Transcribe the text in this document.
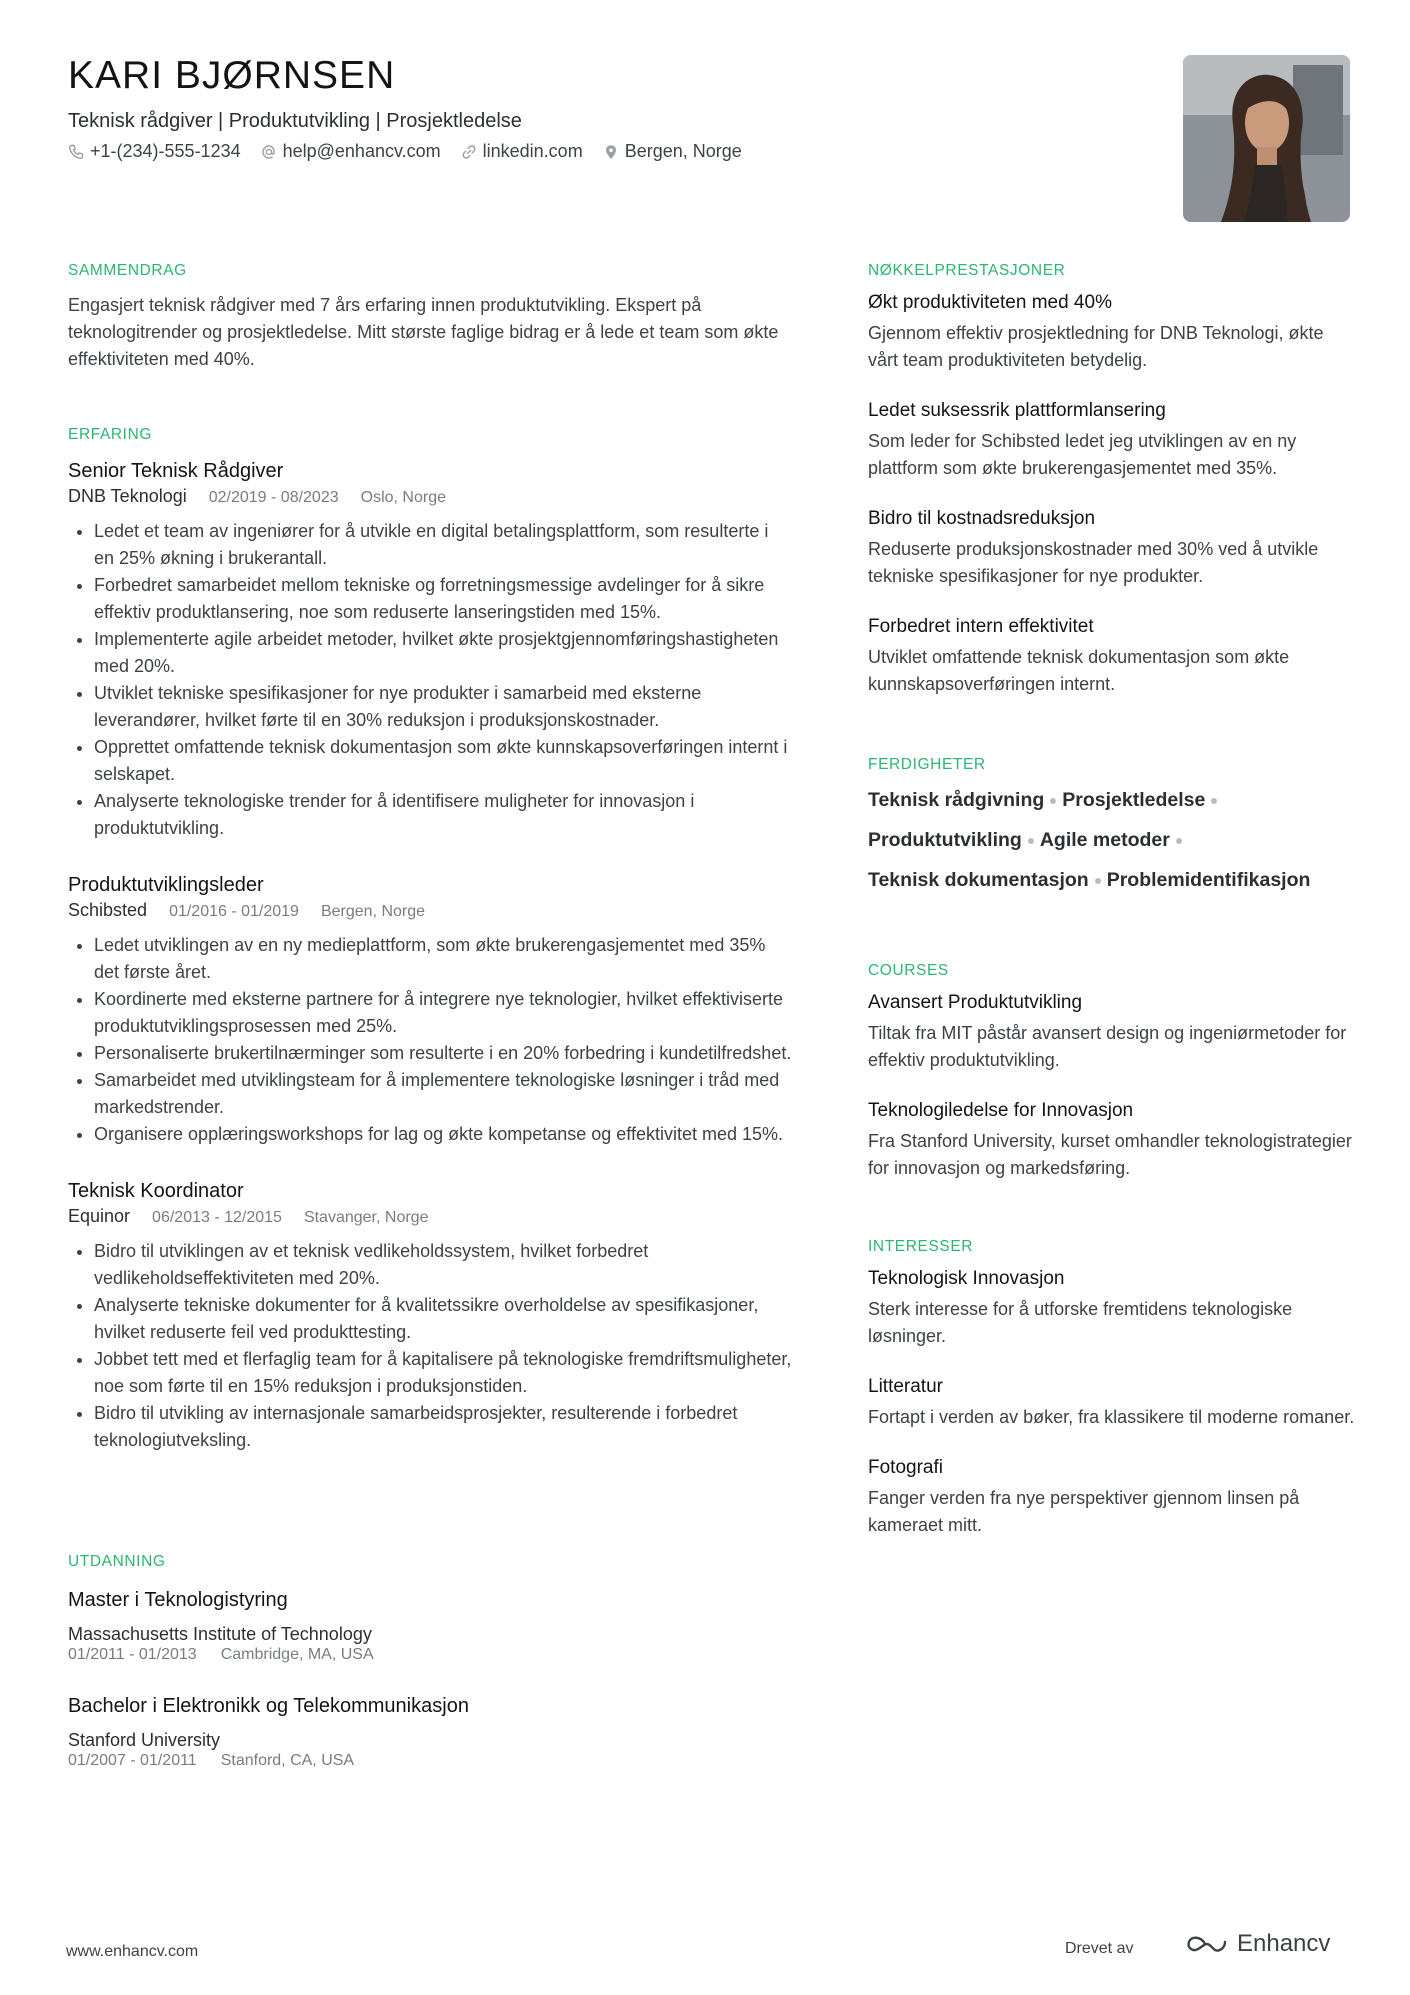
KARI BJØRNSEN
Teknisk rådgiver | Produktutvikling | Prosjektledelse
+1-(234)-555-1234 help@enhancv.com linkedin.com Bergen, Norge
SAMMENDRAG
Engasjert teknisk rådgiver med 7 års erfaring innen produktutvikling. Ekspert på teknologitrender og prosjektledelse. Mitt største faglige bidrag er å lede et team som økte effektiviteten med 40%.
ERFARING
Senior Teknisk Rådgiver
DNB Teknologi 02/2019 - 08/2023 Oslo, Norge
• Ledet et team av ingeniører for å utvikle en digital betalingsplattform, som resulterte i en 25% økning i brukerantall.
• Forbedret samarbeidet mellom tekniske og forretningsmessige avdelinger for å sikre effektiv produktlansering, noe som reduserte lanseringstiden med 15%.
• Implementerte agile arbeidet metoder, hvilket økte prosjektgjennomføringshastigheten med 20%.
• Utviklet tekniske spesifikasjoner for nye produkter i samarbeid med eksterne leverandører, hvilket førte til en 30% reduksjon i produksjonskostnader.
• Opprettet omfattende teknisk dokumentasjon som økte kunnskapsoverføringen internt i selskapet.
• Analyserte teknologiske trender for å identifisere muligheter for innovasjon i produktutvikling.
Produktutviklingsleder
Schibsted 01/2016 - 01/2019 Bergen, Norge
• Ledet utviklingen av en ny medieplattform, som økte brukerengasjementet med 35% det første året.
• Koordinerte med eksterne partnere for å integrere nye teknologier, hvilket effektiviserte produktutviklingsprosessen med 25%.
• Personaliserte brukertilnærminger som resulterte i en 20% forbedring i kundetilfredshet.
• Samarbeidet med utviklingsteam for å implementere teknologiske løsninger i tråd med markedstrender.
• Organisere opplæringsworkshops for lag og økte kompetanse og effektivitet med 15%.
Teknisk Koordinator
Equinor 06/2013 - 12/2015 Stavanger, Norge
• Bidro til utviklingen av et teknisk vedlikeholdssystem, hvilket forbedret vedlikeholdseffektiviteten med 20%.
• Analyserte tekniske dokumenter for å kvalitetssikre overholdelse av spesifikasjoner, hvilket reduserte feil ved produkttesting.
• Jobbet tett med et flerfaglig team for å kapitalisere på teknologiske fremdriftsmuligheter, noe som førte til en 15% reduksjon i produksjonstiden.
• Bidro til utvikling av internasjonale samarbeidsprosjekter, resulterende i forbedret teknologiutveksling.
UTDANNING
Master i Teknologistyring
Massachusetts Institute of Technology
01/2011 - 01/2013 Cambridge, MA, USA
Bachelor i Elektronikk og Telekommunikasjon
Stanford University
01/2007 - 01/2011 Stanford, CA, USA
NØKKELPRESTASJONER
Økt produktiviteten med 40%
Gjennom effektiv prosjektledning for DNB Teknologi, økte vårt team produktiviteten betydelig.
Ledet suksessrik plattformlansering
Som leder for Schibsted ledet jeg utviklingen av en ny plattform som økte brukerengasjementet med 35%.
Bidro til kostnadsreduksjon
Reduserte produksjonskostnader med 30% ved å utvikle tekniske spesifikasjoner for nye produkter.
Forbedret intern effektivitet
Utviklet omfattende teknisk dokumentasjon som økte kunnskapsoverføringen internt.
FERDIGHETER
Teknisk rådgivning Prosjektledelse
Produktutvikling Agile metoder
Teknisk dokumentasjon Problemidentifikasjon
COURSES
Avansert Produktutvikling
Tiltak fra MIT påstår avansert design og ingeniørmetoder for effektiv produktutvikling.
Teknologiledelse for Innovasjon
Fra Stanford University, kurset omhandler teknologistrategier for innovasjon og markedsføring.
INTERESSER
Teknologisk Innovasjon
Sterk interesse for å utforske fremtidens teknologiske løsninger.
Litteratur
Fortapt i verden av bøker, fra klassikere til moderne romaner.
Fotografi
Fanger verden fra nye perspektiver gjennom linsen på kameraet mitt.
www.enhancv.com	Drevet av	Enhancv
